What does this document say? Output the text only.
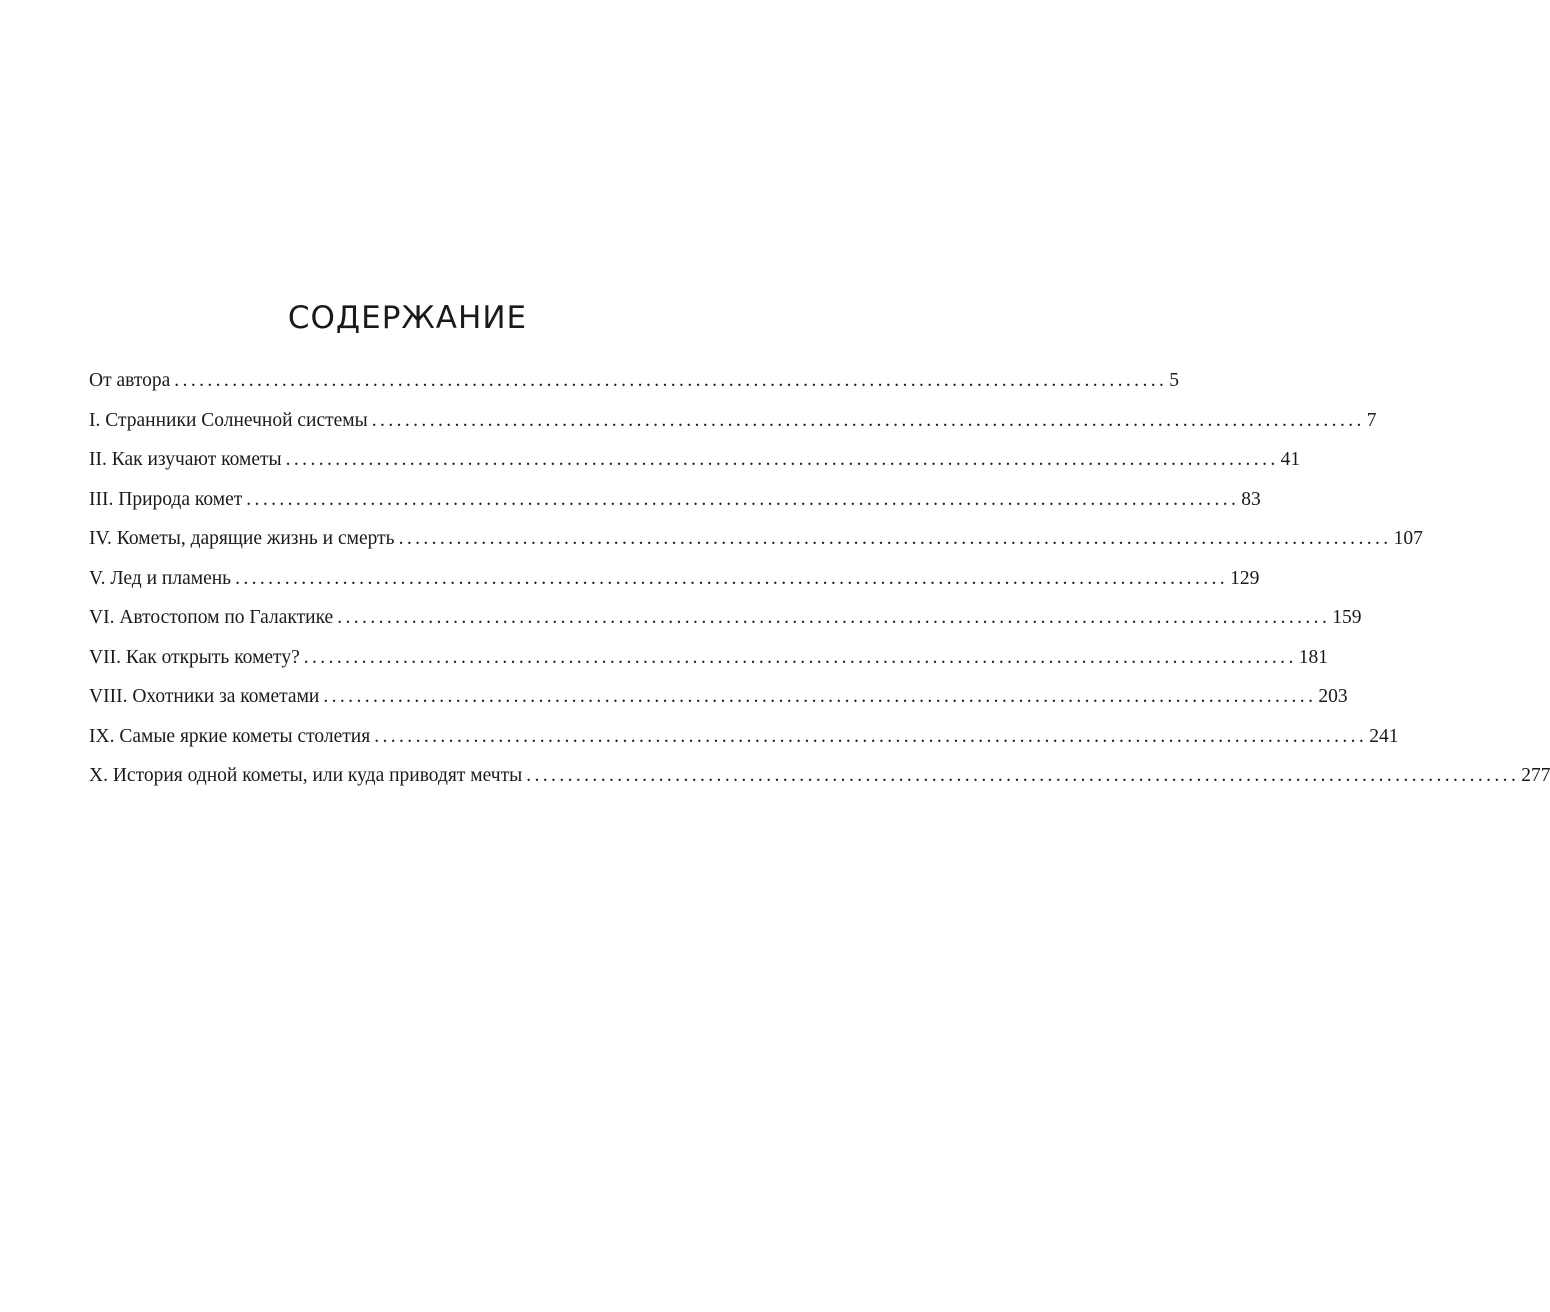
СОДЕРЖАНИЕ
От автора ........................................................................................................................ 5
I. Странники Солнечной системы ........................................................................................................................ 7
II. Как изучают кометы ........................................................................................................................ 41
III. Природа комет ........................................................................................................................ 83
IV. Кометы, дарящие жизнь и смерть ........................................................................................................................ 107
V. Лед и пламень ........................................................................................................................ 129
VI. Автостопом по Галактике ........................................................................................................................ 159
VII. Как открыть комету? ........................................................................................................................ 181
VIII. Охотники за кометами ........................................................................................................................ 203
IX. Самые яркие кометы столетия ........................................................................................................................ 241
X. История одной кометы, или куда приводят мечты ........................................................................................................................ 277
